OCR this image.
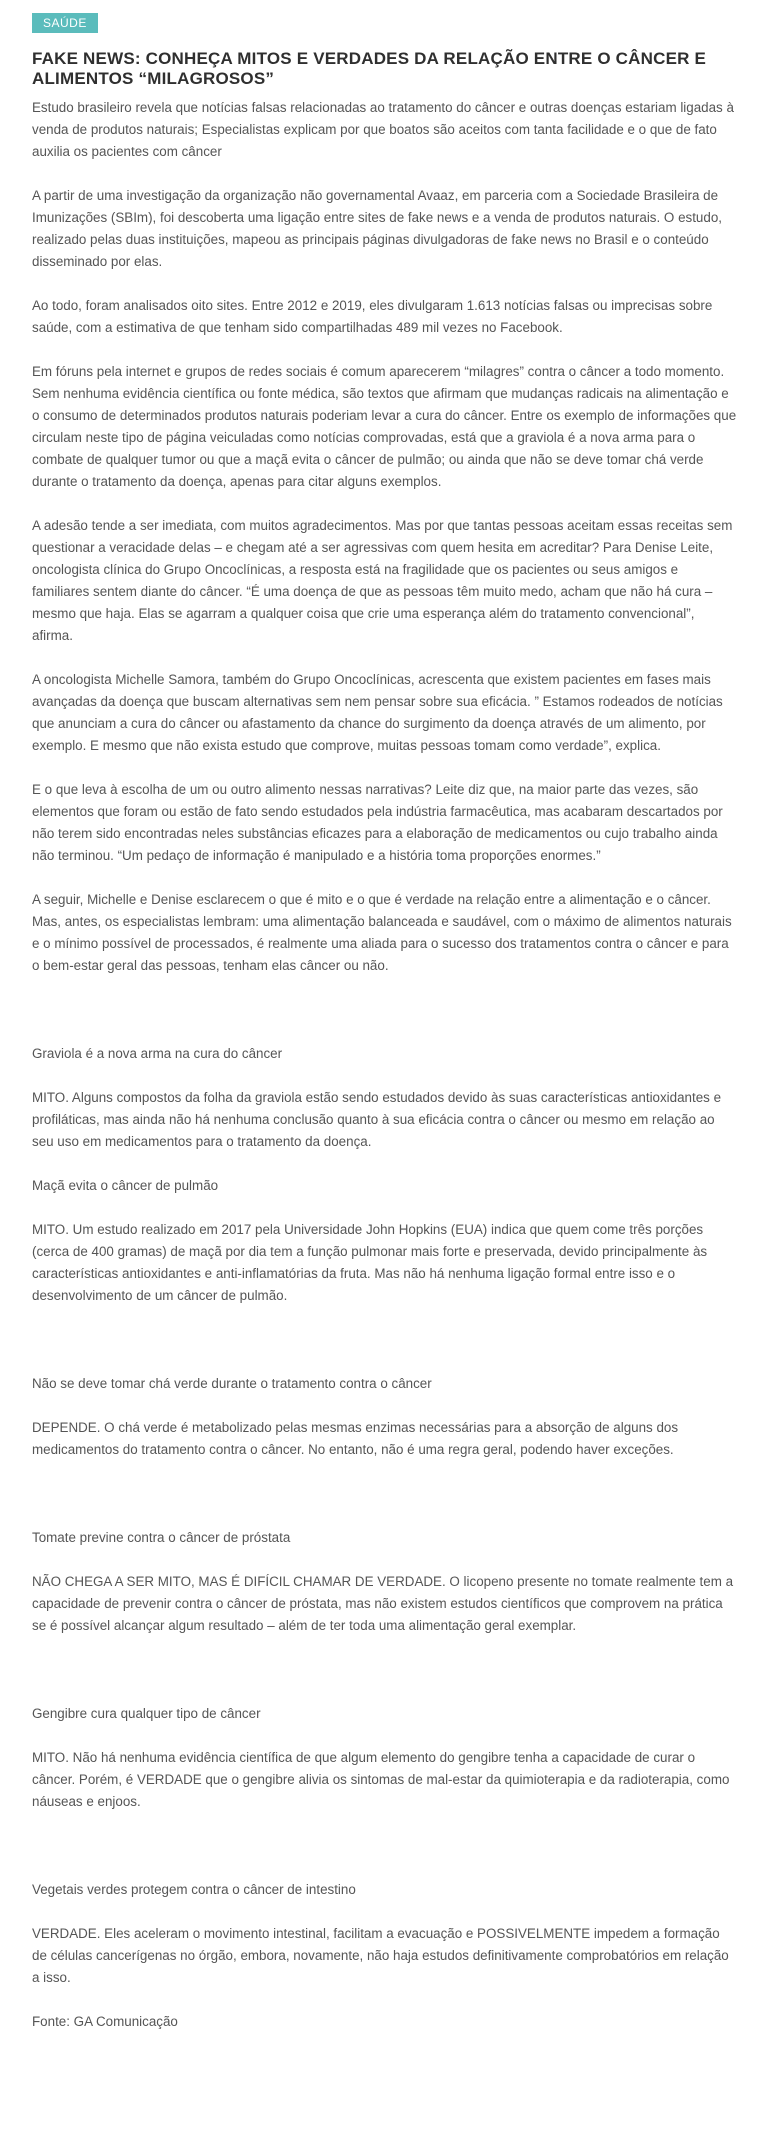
SAÚDE
FAKE NEWS: CONHEÇA MITOS E VERDADES DA RELAÇÃO ENTRE O CÂNCER E ALIMENTOS “MILAGROSOS”

Estudo brasileiro revela que notícias falsas relacionadas ao tratamento do câncer e outras doenças estariam ligadas à venda de produtos naturais; Especialistas explicam por que boatos são aceitos com tanta facilidade e o que de fato auxilia os pacientes com câncer

A partir de uma investigação da organização não governamental Avaaz, em parceria com a Sociedade Brasileira de Imunizações (SBIm), foi descoberta uma ligação entre sites de fake news e a venda de produtos naturais. O estudo, realizado pelas duas instituições, mapeou as principais páginas divulgadoras de fake news no Brasil e o conteúdo disseminado por elas.

Ao todo, foram analisados oito sites. Entre 2012 e 2019, eles divulgaram 1.613 notícias falsas ou imprecisas sobre saúde, com a estimativa de que tenham sido compartilhadas 489 mil vezes no Facebook.

Em fóruns pela internet e grupos de redes sociais é comum aparecerem “milagres” contra o câncer a todo momento. Sem nenhuma evidência científica ou fonte médica, são textos que afirmam que mudanças radicais na alimentação e o consumo de determinados produtos naturais poderiam levar a cura do câncer. Entre os exemplo de informações que circulam neste tipo de página veiculadas como notícias comprovadas, está que a graviola é a nova arma para o combate de qualquer tumor ou que a maçã evita o câncer de pulmão; ou ainda que não se deve tomar chá verde durante o tratamento da doença, apenas para citar alguns exemplos.

A adesão tende a ser imediata, com muitos agradecimentos. Mas por que tantas pessoas aceitam essas receitas sem questionar a veracidade delas – e chegam até a ser agressivas com quem hesita em acreditar? Para Denise Leite, oncologista clínica do Grupo Oncoclínicas, a resposta está na fragilidade que os pacientes ou seus amigos e familiares sentem diante do câncer. “É uma doença de que as pessoas têm muito medo, acham que não há cura – mesmo que haja. Elas se agarram a qualquer coisa que crie uma esperança além do tratamento convencional”, afirma.

A oncologista Michelle Samora, também do Grupo Oncoclínicas, acrescenta que existem pacientes em fases mais avançadas da doença que buscam alternativas sem nem pensar sobre sua eficácia. ” Estamos rodeados de notícias que anunciam a cura do câncer ou afastamento da chance do surgimento da doença através de um alimento, por exemplo. E mesmo que não exista estudo que comprove, muitas pessoas tomam como verdade”, explica.

E o que leva à escolha de um ou outro alimento nessas narrativas? Leite diz que, na maior parte das vezes, são elementos que foram ou estão de fato sendo estudados pela indústria farmacêutica, mas acabaram descartados por não terem sido encontradas neles substâncias eficazes para a elaboração de medicamentos ou cujo trabalho ainda não terminou. “Um pedaço de informação é manipulado e a história toma proporções enormes.”

A seguir, Michelle e Denise esclarecem o que é mito e o que é verdade na relação entre a alimentação e o câncer. Mas, antes, os especialistas lembram: uma alimentação balanceada e saudável, com o máximo de alimentos naturais e o mínimo possível de processados, é realmente uma aliada para o sucesso dos tratamentos contra o câncer e para o bem-estar geral das pessoas, tenham elas câncer ou não.

Graviola é a nova arma na cura do câncer

MITO. Alguns compostos da folha da graviola estão sendo estudados devido às suas características antioxidantes e profiláticas, mas ainda não há nenhuma conclusão quanto à sua eficácia contra o câncer ou mesmo em relação ao seu uso em medicamentos para o tratamento da doença.

Maçã evita o câncer de pulmão

MITO. Um estudo realizado em 2017 pela Universidade John Hopkins (EUA) indica que quem come três porções (cerca de 400 gramas) de maçã por dia tem a função pulmonar mais forte e preservada, devido principalmente às características antioxidantes e anti-inflamatórias da fruta. Mas não há nenhuma ligação formal entre isso e o desenvolvimento de um câncer de pulmão.

Não se deve tomar chá verde durante o tratamento contra o câncer

DEPENDE. O chá verde é metabolizado pelas mesmas enzimas necessárias para a absorção de alguns dos medicamentos do tratamento contra o câncer. No entanto, não é uma regra geral, podendo haver exceções.

Tomate previne contra o câncer de próstata

NÃO CHEGA A SER MITO, MAS É DIFÍCIL CHAMAR DE VERDADE. O licopeno presente no tomate realmente tem a capacidade de prevenir contra o câncer de próstata, mas não existem estudos científicos que comprovem na prática se é possível alcançar algum resultado – além de ter toda uma alimentação geral exemplar.

Gengibre cura qualquer tipo de câncer

MITO. Não há nenhuma evidência científica de que algum elemento do gengibre tenha a capacidade de curar o câncer. Porém, é VERDADE que o gengibre alivia os sintomas de mal-estar da quimioterapia e da radioterapia, como náuseas e enjoos.

Vegetais verdes protegem contra o câncer de intestino

VERDADE. Eles aceleram o movimento intestinal, facilitam a evacuação e POSSIVELMENTE impedem a formação de células cancerígenas no órgão, embora, novamente, não haja estudos definitivamente comprobatórios em relação a isso.

Fonte: GA Comunicação
